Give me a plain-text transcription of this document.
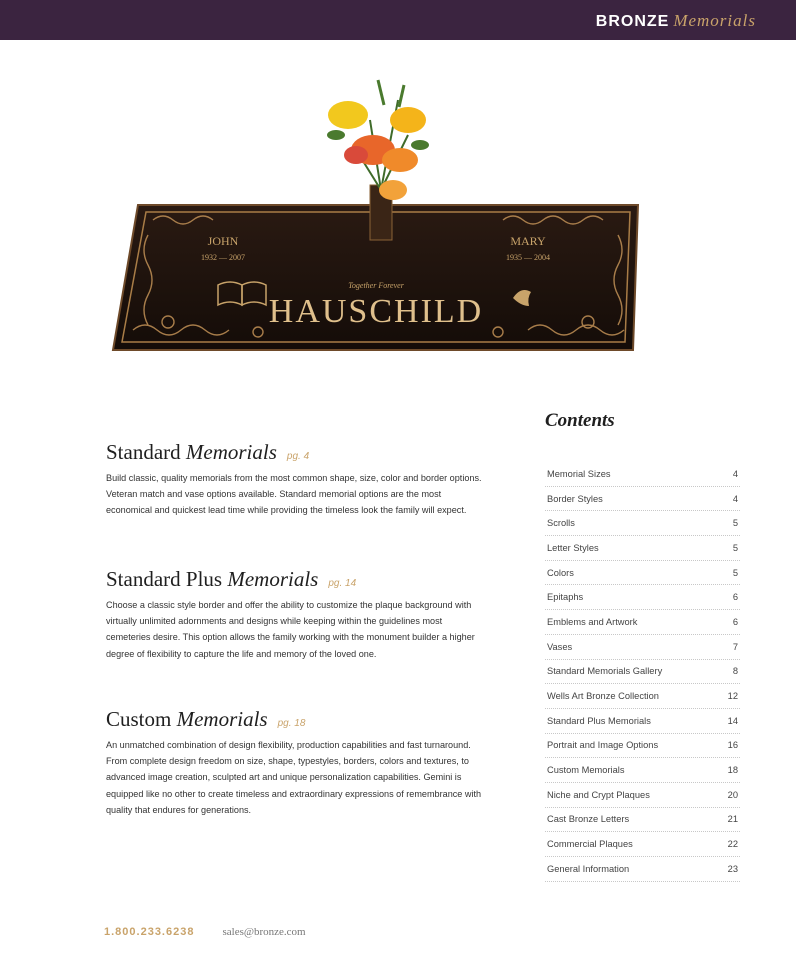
BRONZE Memorials
JOHN
1932 — 2007
MARY
1935 — 2004
Together Forever
HAUSCHILD
Standard Memorials pg. 4

Build classic, quality memorials from the most common shape, size, color and border options. Veteran match and vase options available. Standard memorial options are the most economical and quickest lead time while providing the timeless look the family will expect.

Standard Plus Memorials pg. 14

Choose a classic style border and offer the ability to customize the plaque background with virtually unlimited adornments and designs while keeping within the guidelines most cemeteries desire. This option allows the family working with the monument builder a higher degree of flexibility to capture the life and memory of the loved one.

Custom Memorials pg. 18

An unmatched combination of design flexibility, production capabilities and fast turnaround. From complete design freedom on size, shape, typestyles, borders, colors and textures, to advanced image creation, sculpted art and unique personalization capabilities. Gemini is equipped like no other to create timeless and extraordinary expressions of remembrance with quality that endures for generations.

Contents
Memorial Sizes	4
Border Styles	4
Scrolls	5
Letter Styles	5
Colors	5
Epitaphs	6
Emblems and Artwork	6
Vases	7
Standard Memorials Gallery	8
Wells Art Bronze Collection	12
Standard Plus Memorials	14
Portrait and Image Options	16
Custom Memorials	18
Niche and Crypt Plaques	20
Cast Bronze Letters	21
Commercial Plaques	22
General Information	23
1.800.233.6238	sales@bronze.com
